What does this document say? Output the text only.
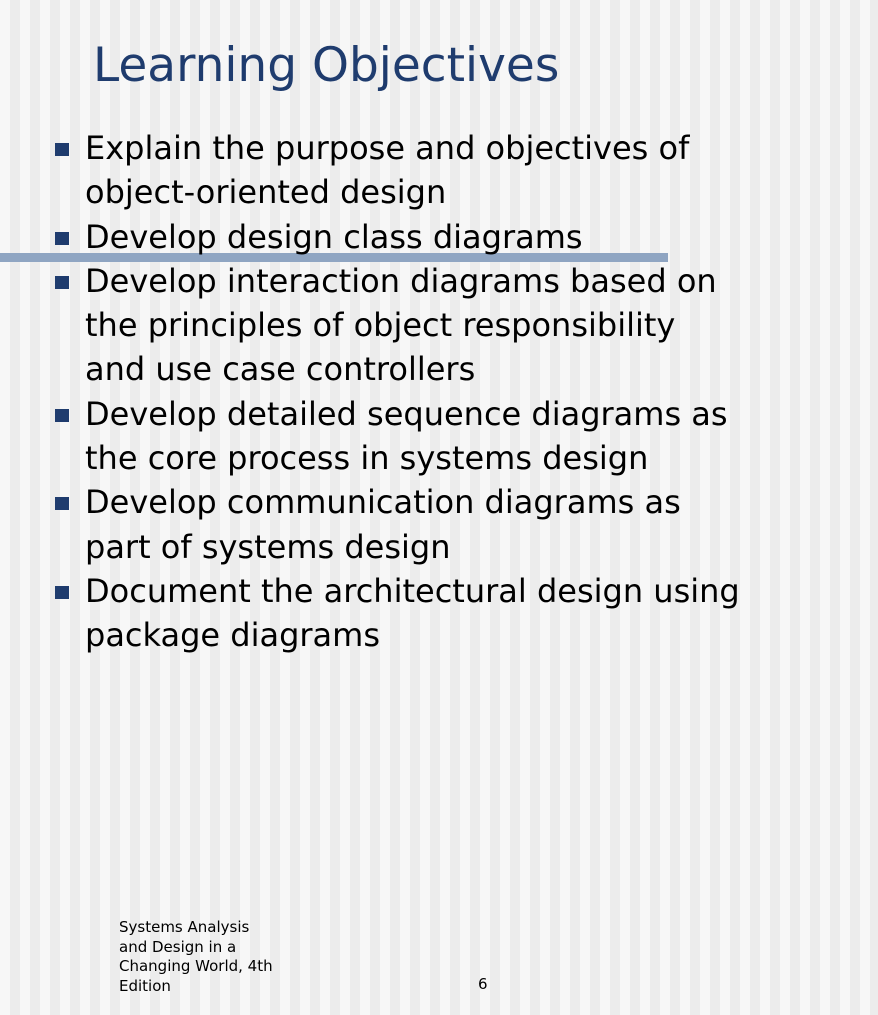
Learning Objectives
Explain the purpose and objectives of
object-oriented design
Develop design class diagrams
Develop interaction diagrams based on
the principles of object responsibility
and use case controllers
Develop detailed sequence diagrams as
the core process in systems design
Develop communication diagrams as
part of systems design
Document the architectural design using
package diagrams
Systems Analysis
and Design in a
Changing World, 4th
Edition	6
